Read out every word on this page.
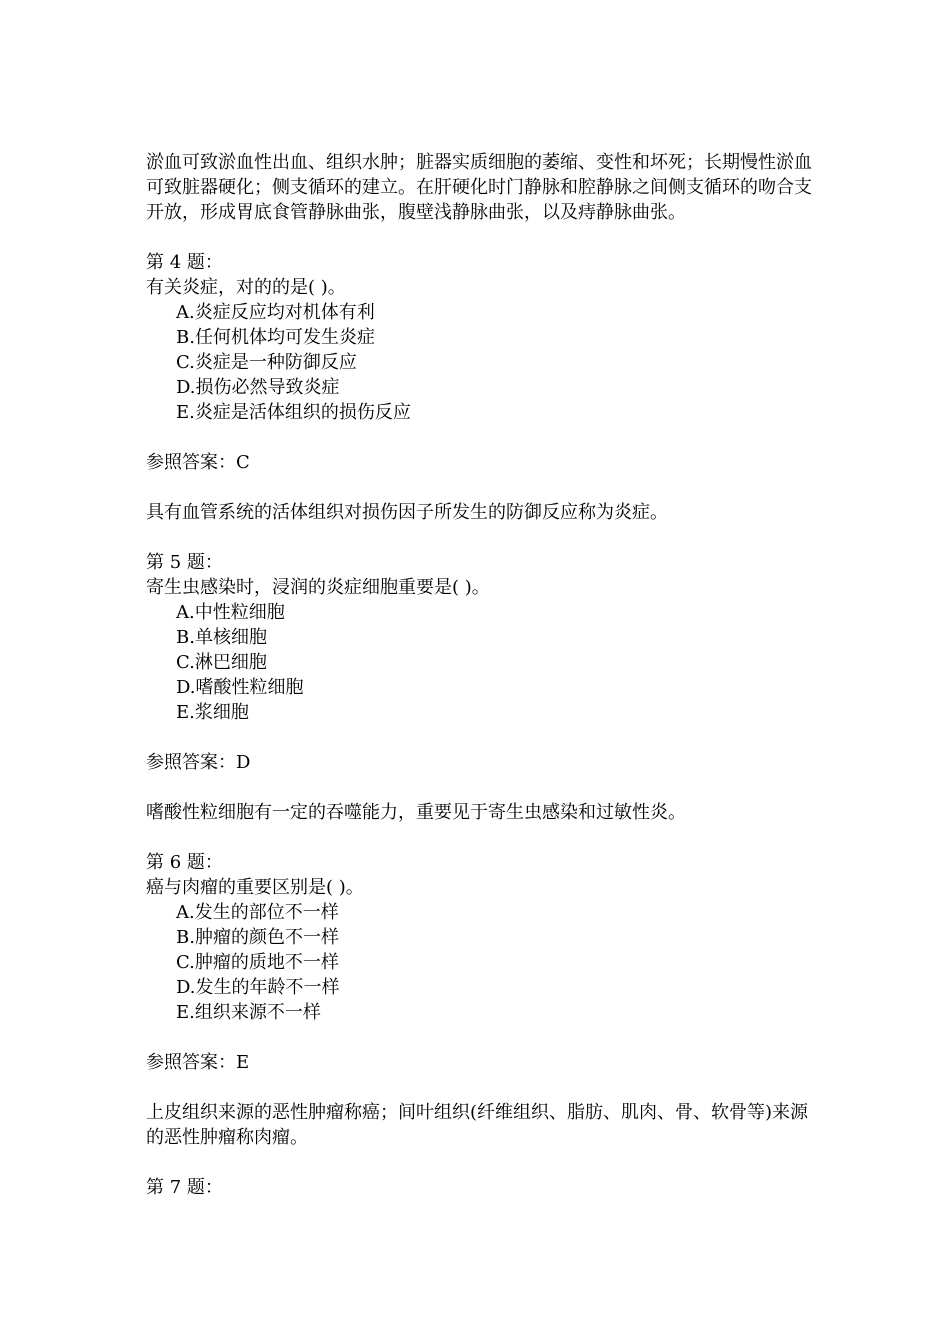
淤血可致淤血性出血、组织水肿；脏器实质细胞的萎缩、变性和坏死；长期慢性淤血可致脏器硬化；侧支循环的建立。在肝硬化时门静脉和腔静脉之间侧支循环的吻合支开放，形成胃底食管静脉曲张，腹壁浅静脉曲张，以及痔静脉曲张。

第 4 题：

有关炎症，对的的是( )。

A.炎症反应均对机体有利
B.任何机体均可发生炎症
C.炎症是一种防御反应
D.损伤必然导致炎症
E.炎症是活体组织的损伤反应

参照答案：C

具有血管系统的活体组织对损伤因子所发生的防御反应称为炎症。

第 5 题：

寄生虫感染时，浸润的炎症细胞重要是( )。

A.中性粒细胞
B.单核细胞
C.淋巴细胞
D.嗜酸性粒细胞
E.浆细胞

参照答案：D

嗜酸性粒细胞有一定的吞噬能力，重要见于寄生虫感染和过敏性炎。

第 6 题：

癌与肉瘤的重要区别是( )。

A.发生的部位不一样
B.肿瘤的颜色不一样
C.肿瘤的质地不一样
D.发生的年龄不一样
E.组织来源不一样

参照答案：E

上皮组织来源的恶性肿瘤称癌；间叶组织(纤维组织、脂肪、肌肉、骨、软骨等)来源的恶性肿瘤称肉瘤。

第 7 题：
